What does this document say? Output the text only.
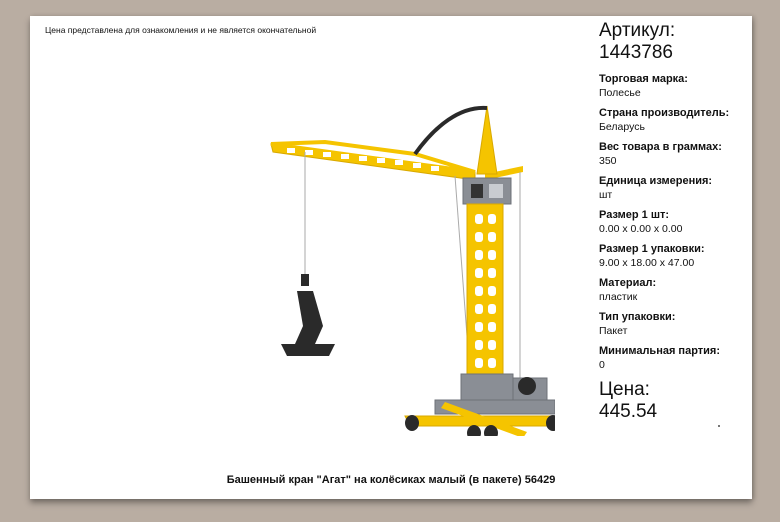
Цена представлена для ознакомления и не является окончательной	Артикул:
1443786
Торговая марка:
Полесье
Страна производитель:
Беларусь
Вес товара в граммах:
350
Единица измерения:
шт
Размер 1 шт:
0.00 x 0.00 x 0.00
Размер 1 упаковки:
9.00 x 18.00 x 47.00
Материал:
пластик
Тип упаковки:
Пакет
Минимальная партия:
0
Цена:
445.54
Башенный кран "Агат" на колёсиках малый (в пакете) 56429
